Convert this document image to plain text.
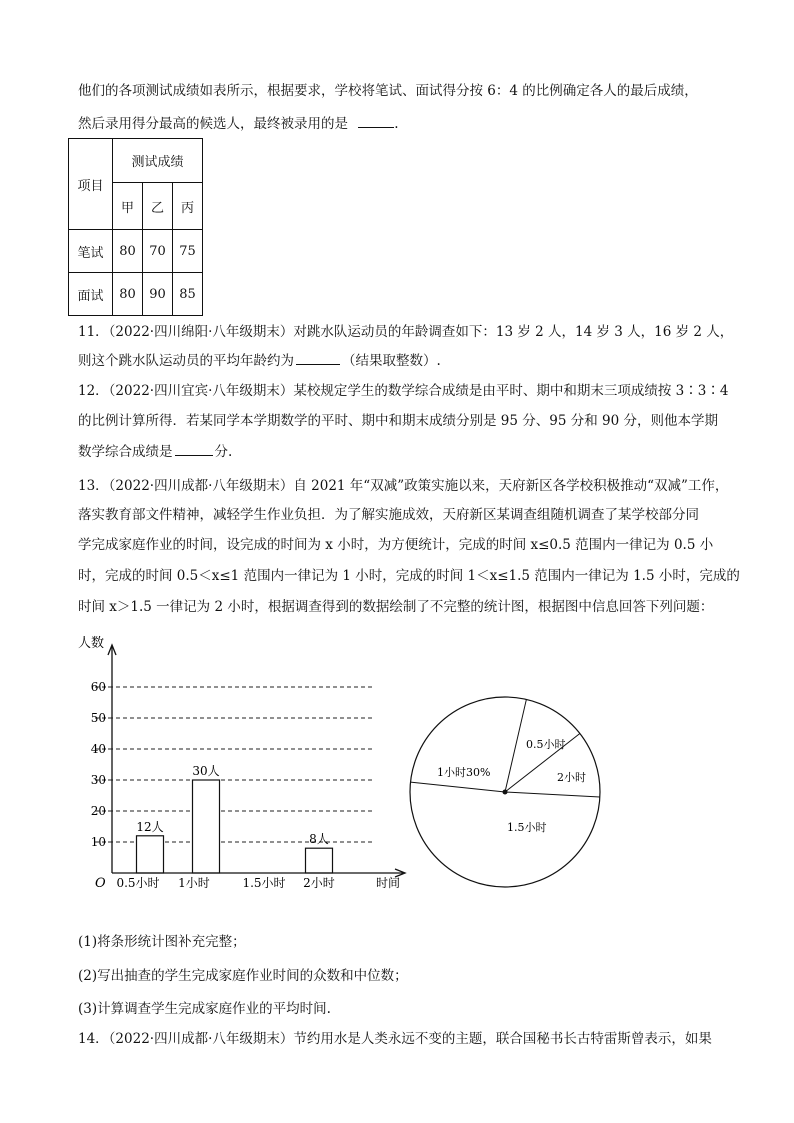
他们的各项测试成绩如表所示，根据要求，学校将笔试、面试得分按 6：4 的比例确定各人的最后成绩，
然后录用得分最高的候选人，最终被录用的是	.
项目	测试成绩		
	甲	乙	丙
笔试	80	70	75
面试	80	90	85
11．（2022·四川绵阳·八年级期末）对跳水队运动员的年龄调查如下：13 岁 2 人，14 岁 3 人，16 岁 2 人，
则这个跳水队运动员的平均年龄约为	（结果取整数）.
12．（2022·四川宜宾·八年级期末）某校规定学生的数学综合成绩是由平时、期中和期末三项成绩按 3∶3∶4
的比例计算所得．若某同学本学期数学的平时、期中和期末成绩分别是 95 分、95 分和 90 分，则他本学期
数学综合成绩是	分.
13．（2022·四川成都·八年级期末）自 2021 年“双减”政策实施以来，天府新区各学校积极推动“双减”工作，
落实教育部文件精神，减轻学生作业负担．为了解实施成效，天府新区某调查组随机调查了某学校部分同
学完成家庭作业的时间，设完成的时间为 x 小时，为方便统计，完成的时间 x≤0.5 范围内一律记为 0.5 小
时，完成的时间 0.5＜x≤1 范围内一律记为 1 小时，完成的时间 1＜x≤1.5 范围内一律记为 1.5 小时，完成的
时间 x＞1.5 一律记为 2 小时，根据调查得到的数据绘制了不完整的统计图，根据图中信息回答下列问题：
人数
O	时间
10
20
30
40
50
60
12人
0.5小时
30人
1小时	1.5小时
8人
2小时
1小时30%
0.5小时
2小时
1.5小时
(1)将条形统计图补充完整；
(2)写出抽查的学生完成家庭作业时间的众数和中位数；
(3)计算调查学生完成家庭作业的平均时间.
14．（2022·四川成都·八年级期末）节约用水是人类永远不变的主题，联合国秘书长古特雷斯曾表示，如果
